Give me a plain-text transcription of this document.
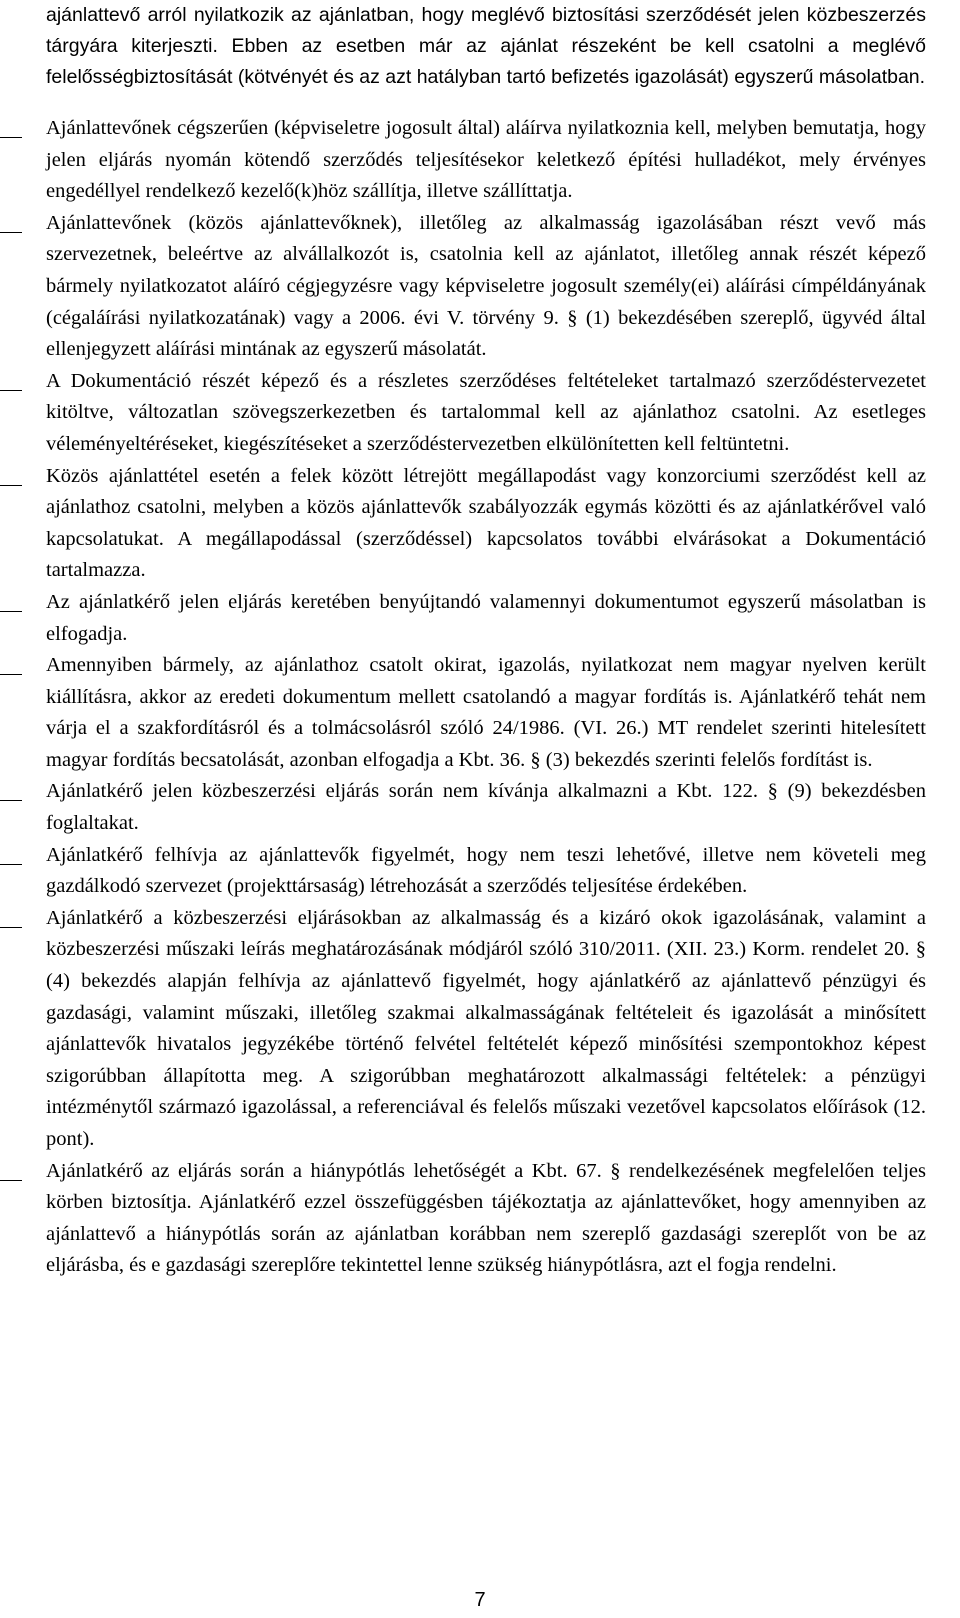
ajánlattevő arról nyilatkozik az ajánlatban, hogy meglévő biztosítási szerződését jelen közbeszerzés tárgyára kiterjeszti. Ebben az esetben már az ajánlat részeként be kell csatolni a meglévő felelősségbiztosítását (kötvényét és az azt hatályban tartó befizetés igazolását) egyszerű másolatban.

Ajánlattevőnek cégszerűen (képviseletre jogosult által) aláírva nyilatkoznia kell, melyben bemutatja, hogy jelen eljárás nyomán kötendő szerződés teljesítésekor keletkező építési hulladékot, mely érvényes engedéllyel rendelkező kezelő(k)höz szállítja, illetve szállíttatja.

Ajánlattevőnek (közös ajánlattevőknek), illetőleg az alkalmasság igazolásában részt vevő más szervezetnek, beleértve az alvállalkozót is, csatolnia kell az ajánlatot, illetőleg annak részét képező bármely nyilatkozatot aláíró cégjegyzésre vagy képviseletre jogosult személy(ei) aláírási címpéldányának (cégaláírási nyilatkozatának) vagy a 2006. évi V. törvény 9. § (1) bekezdésében szereplő, ügyvéd által ellenjegyzett aláírási mintának az egyszerű másolatát.

A Dokumentáció részét képező és a részletes szerződéses feltételeket tartalmazó szerződéstervezetet kitöltve, változatlan szövegszerkezetben és tartalommal kell az ajánlathoz csatolni. Az esetleges véleményeltéréseket, kiegészítéseket a szerződéstervezetben elkülönítetten kell feltüntetni.

Közös ajánlattétel esetén a felek között létrejött megállapodást vagy konzorciumi szerződést kell az ajánlathoz csatolni, melyben a közös ajánlattevők szabályozzák egymás közötti és az ajánlatkérővel való kapcsolatukat. A megállapodással (szerződéssel) kapcsolatos további elvárásokat a Dokumentáció tartalmazza.

Az ajánlatkérő jelen eljárás keretében benyújtandó valamennyi dokumentumot egyszerű másolatban is elfogadja.

Amennyiben bármely, az ajánlathoz csatolt okirat, igazolás, nyilatkozat nem magyar nyelven került kiállításra, akkor az eredeti dokumentum mellett csatolandó a magyar fordítás is. Ajánlatkérő tehát nem várja el a szakfordításról és a tolmácsolásról szóló 24/1986. (VI. 26.) MT rendelet szerinti hitelesített magyar fordítás becsatolását, azonban elfogadja a Kbt. 36. § (3) bekezdés szerinti felelős fordítást is.

Ajánlatkérő jelen közbeszerzési eljárás során nem kívánja alkalmazni a Kbt. 122. § (9) bekezdésben foglaltakat.

Ajánlatkérő felhívja az ajánlattevők figyelmét, hogy nem teszi lehetővé, illetve nem követeli meg gazdálkodó szervezet (projekttársaság) létrehozását a szerződés teljesítése érdekében.

Ajánlatkérő a közbeszerzési eljárásokban az alkalmasság és a kizáró okok igazolásának, valamint a közbeszerzési műszaki leírás meghatározásának módjáról szóló 310/2011. (XII. 23.) Korm. rendelet 20. § (4) bekezdés alapján felhívja az ajánlattevő figyelmét, hogy ajánlatkérő az ajánlattevő pénzügyi és gazdasági, valamint műszaki, illetőleg szakmai alkalmasságának feltételeit és igazolását a minősített ajánlattevők hivatalos jegyzékébe történő felvétel feltételét képező minősítési szempontokhoz képest szigorúbban állapította meg. A szigorúbban meghatározott alkalmassági feltételek: a pénzügyi intézménytől származó igazolással, a referenciával és felelős műszaki vezetővel kapcsolatos előírások (12. pont).

Ajánlatkérő az eljárás során a hiánypótlás lehetőségét a Kbt. 67. § rendelkezésének megfelelően teljes körben biztosítja. Ajánlatkérő ezzel összefüggésben tájékoztatja az ajánlattevőket, hogy amennyiben az ajánlattevő a hiánypótlás során az ajánlatban korábban nem szereplő gazdasági szereplőt von be az eljárásba, és e gazdasági szereplőre tekintettel lenne szükség hiánypótlásra, azt el fogja rendelni.

7
